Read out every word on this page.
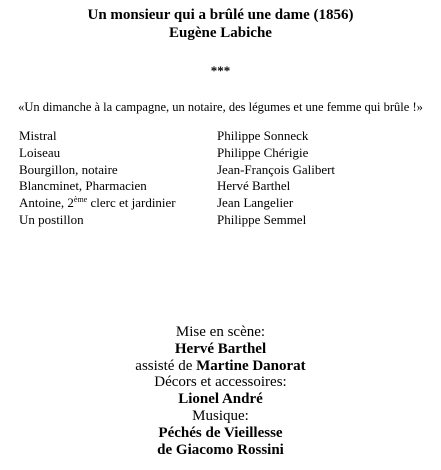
Un monsieur qui a brûlé une dame (1856)
Eugène Labiche
***
«Un dimanche à la campagne, un notaire, des légumes et une femme qui brûle !»
Mistral	Philippe Sonneck
Loiseau	Philippe Chérigie
Bourgillon, notaire	Jean-François Galibert
Blancminet, Pharmacien	Hervé Barthel
Antoine, 2ème clerc et jardinier	Jean Langelier
Un postillon	Philippe Semmel
Mise en scène:
Hervé Barthel
assisté de Martine Danorat
Décors et accessoires:
Lionel André
Musique:
Péchés de Vieillesse
de Giacomo Rossini
